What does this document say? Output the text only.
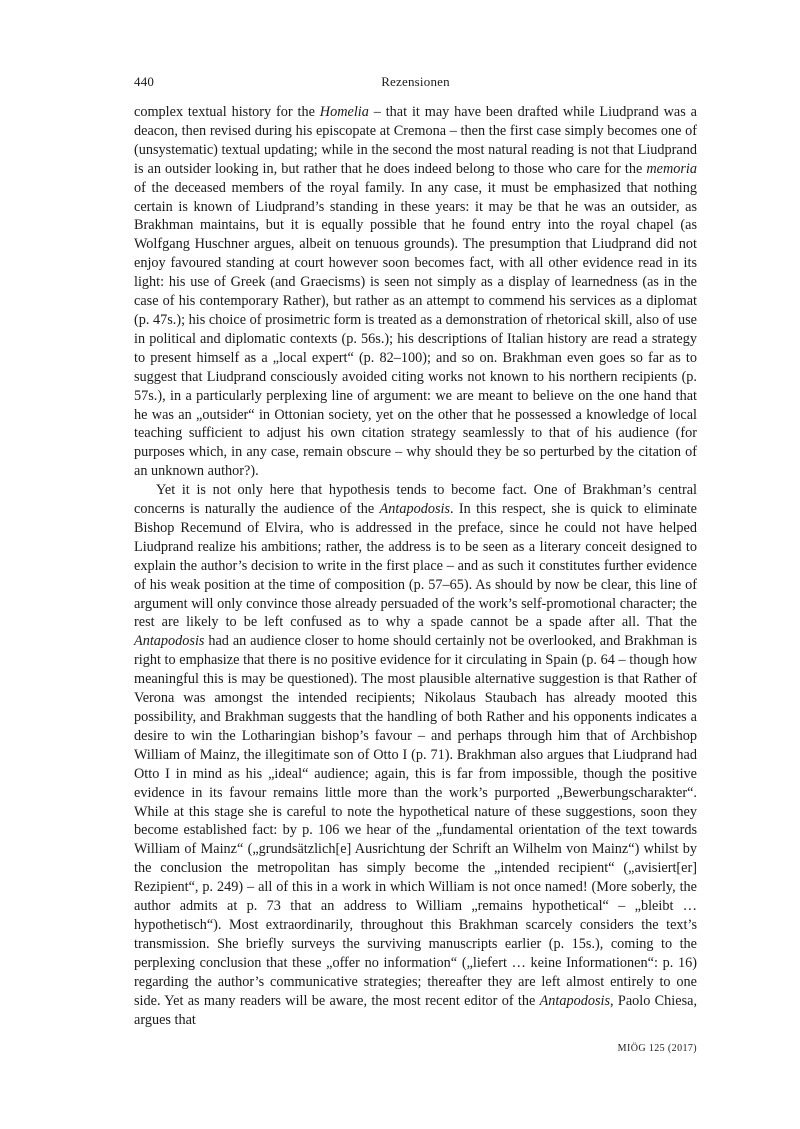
440	Rezensionen

complex textual history for the Homelia – that it may have been drafted while Liudprand was a deacon, then revised during his episcopate at Cremona – then the first case simply becomes one of (unsystematic) textual updating; while in the second the most natural reading is not that Liudprand is an outsider looking in, but rather that he does indeed belong to those who care for the memoria of the deceased members of the royal family. In any case, it must be emphasized that nothing certain is known of Liudprand’s standing in these years: it may be that he was an outsider, as Brakhman maintains, but it is equally possible that he found entry into the royal chapel (as Wolfgang Huschner argues, albeit on tenuous grounds). The presumption that Liudprand did not enjoy favoured standing at court however soon becomes fact, with all other evidence read in its light: his use of Greek (and Graecisms) is seen not simply as a display of learnedness (as in the case of his contemporary Rather), but rather as an attempt to commend his services as a diplomat (p. 47s.); his choice of prosimetric form is treated as a demonstration of rhetorical skill, also of use in political and diplomatic contexts (p. 56s.); his descriptions of Italian history are read a strategy to present himself as a „local expert“ (p. 82–100); and so on. Brakhman even goes so far as to suggest that Liudprand consciously avoided citing works not known to his northern recipients (p. 57s.), in a particularly perplexing line of argument: we are meant to believe on the one hand that he was an „outsider“ in Ottonian society, yet on the other that he possessed a knowledge of local teaching sufficient to adjust his own citation strategy seamlessly to that of his audience (for purposes which, in any case, remain obscure – why should they be so perturbed by the citation of an unknown author?).

Yet it is not only here that hypothesis tends to become fact. One of Brakhman’s central concerns is naturally the audience of the Antapodosis. In this respect, she is quick to eliminate Bishop Recemund of Elvira, who is addressed in the preface, since he could not have helped Liudprand realize his ambitions; rather, the address is to be seen as a literary conceit designed to explain the author’s decision to write in the first place – and as such it constitutes further evidence of his weak position at the time of composition (p. 57–65). As should by now be clear, this line of argument will only convince those already persuaded of the work’s self-promotional character; the rest are likely to be left confused as to why a spade cannot be a spade after all. That the Antapodosis had an audience closer to home should certainly not be overlooked, and Brakhman is right to emphasize that there is no positive evidence for it circulating in Spain (p. 64 – though how meaningful this is may be questioned). The most plausible alternative suggestion is that Rather of Verona was amongst the intended recipients; Nikolaus Staubach has already mooted this possibility, and Brakhman suggests that the handling of both Rather and his opponents indicates a desire to win the Lotharingian bishop’s favour – and perhaps through him that of Archbishop William of Mainz, the illegitimate son of Otto I (p. 71). Brakhman also argues that Liudprand had Otto I in mind as his „ideal“ audience; again, this is far from impossible, though the positive evidence in its favour remains little more than the work’s purported „Bewerbungscharakter“. While at this stage she is careful to note the hypothetical nature of these suggestions, soon they become established fact: by p. 106 we hear of the „fundamental orientation of the text towards William of Mainz“ („grundsätzlich[e] Ausrichtung der Schrift an Wilhelm von Mainz“) whilst by the conclusion the metropolitan has simply become the „intended recipient“ („avisiert[er] Rezipient“, p. 249) – all of this in a work in which William is not once named! (More soberly, the author admits at p. 73 that an address to William „remains hypothetical“ – „bleibt … hypothetisch“). Most extraordinarily, throughout this Brakhman scarcely considers the text’s transmission. She briefly surveys the surviving manuscripts earlier (p. 15s.), coming to the perplexing conclusion that these „offer no information“ („liefert … keine Informationen“: p. 16) regarding the author’s communicative strategies; thereafter they are left almost entirely to one side. Yet as many readers will be aware, the most recent editor of the Antapodosis, Paolo Chiesa, argues that

MIÖG 125 (2017)
